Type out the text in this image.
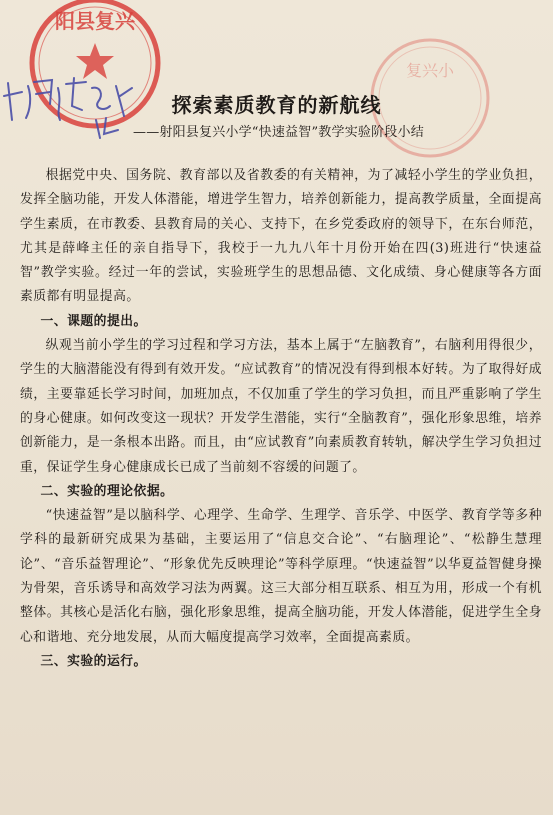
阳县复兴
复兴小
探索素质教育的新航线
——射阳县复兴小学“快速益智”教学实验阶段小结

根据党中央、国务院、教育部以及省教委的有关精神，为了减轻小学生的学业负担，发挥全脑功能，开发人体潜能，增进学生智力，培养创新能力，提高教学质量，全面提高学生素质，在市教委、县教育局的关心、支持下，在乡党委政府的领导下，在东台师范，尤其是薛峰主任的亲自指导下，我校于一九九八年十月份开始在四(3)班进行“快速益智”教学实验。经过一年的尝试，实验班学生的思想品德、文化成绩、身心健康等各方面素质都有明显提高。

一、课题的提出。

纵观当前小学生的学习过程和学习方法，基本上属于“左脑教育”，右脑利用得很少，学生的大脑潜能没有得到有效开发。“应试教育”的情况没有得到根本好转。为了取得好成绩，主要靠延长学习时间，加班加点，不仅加重了学生的学习负担，而且严重影响了学生的身心健康。如何改变这一现状？开发学生潜能，实行“全脑教育”，强化形象思维，培养创新能力，是一条根本出路。而且，由“应试教育”向素质教育转轨，解决学生学习负担过重，保证学生身心健康成长已成了当前刻不容缓的问题了。

二、实验的理论依据。

“快速益智”是以脑科学、心理学、生命学、生理学、音乐学、中医学、教育学等多种学科的最新研究成果为基础，主要运用了“信息交合论”、“右脑理论”、“松静生慧理论”、“音乐益智理论”、“形象优先反映理论”等科学原理。“快速益智”以华夏益智健身操为骨架，音乐诱导和高效学习法为两翼。这三大部分相互联系、相互为用，形成一个有机整体。其核心是活化右脑，强化形象思维，提高全脑功能，开发人体潜能，促进学生全身心和谐地、充分地发展，从而大幅度提高学习效率，全面提高素质。

三、实验的运行。
